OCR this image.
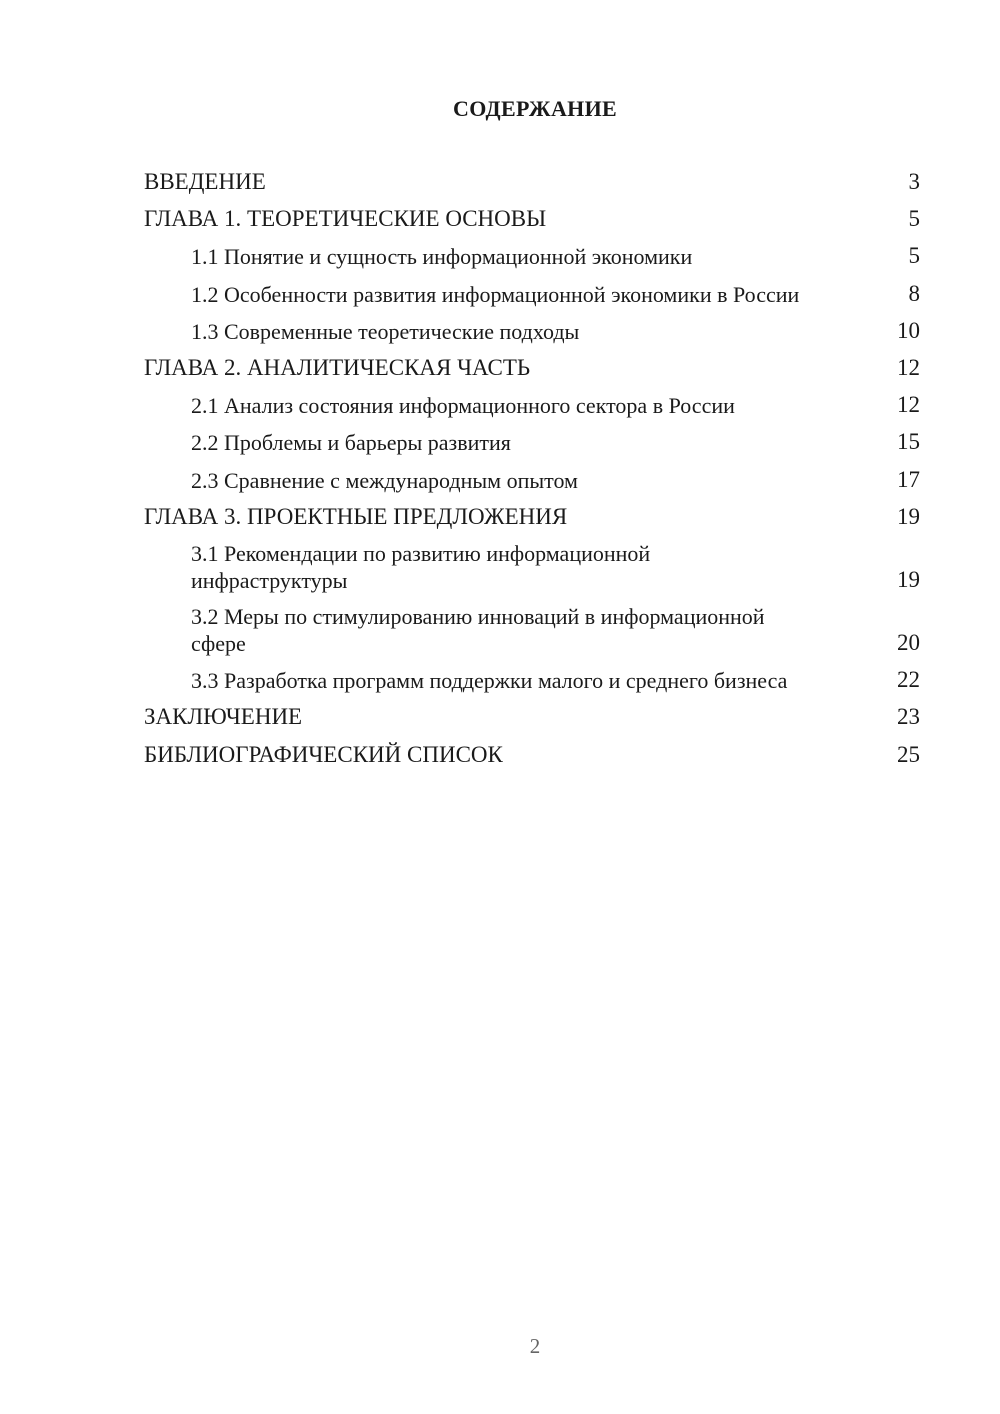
СОДЕРЖАНИЕ
ВВЕДЕНИЕ	3
ГЛАВА 1. ТЕОРЕТИЧЕСКИЕ ОСНОВЫ	5
1.1 Понятие и сущность информационной экономики	5
1.2 Особенности развития информационной экономики в России	8
1.3 Современные теоретические подходы	10
ГЛАВА 2. АНАЛИТИЧЕСКАЯ ЧАСТЬ	12
2.1 Анализ состояния информационного сектора в России	12
2.2 Проблемы и барьеры развития	15
2.3 Сравнение с международным опытом	17
ГЛАВА 3. ПРОЕКТНЫЕ ПРЕДЛОЖЕНИЯ	19
3.1 Рекомендации по развитию информационной инфраструктуры	19
3.2 Меры по стимулированию инноваций в информационной сфере	20
3.3 Разработка программ поддержки малого и среднего бизнеса	22
ЗАКЛЮЧЕНИЕ	23
БИБЛИОГРАФИЧЕСКИЙ СПИСОК	25
2
